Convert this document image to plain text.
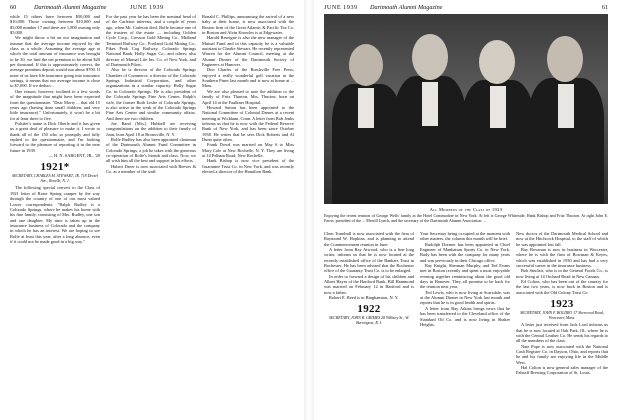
60	Dartmouth Alumni Magazine	JUNE 1939

while 15 others have between $50,000 and $10,000. Those owning between $10,000 and $5,000 number 17 and there are 1,800 owning only $5,000.

We might throw a bit on our imagination and assume that the average income enjoyed by the class as a whole. Assuming the average age at which the total amount of insurance was brought to be 30, we find the net premium to be about $20 per thousand. If this is approximately correct, the average premium deposit would run about $700. If none of us have life insurance going into insurance savings, it means that our average income is close to $7,000. If we deduct...

One reason, however, inclined to a few words of the magnitude that might have been expected from the questionnaire. "Dear Morty ... that old 15 years ago (having done small children, and very little insurance)." Unfortunately, it won't be a bit for at least three to five.

Pulsifer's name is Dick Oberle and it has given us a great deal of pleasure to make it. I wrote to thank all of the 150 who so promptly and fully replied to the questionnaire, and I'm looking forward to the pleasure of reporting it in the near future in 1939.

— H. N. SARGENT, JR., '20

1921*
SECRETARY, CHARLES M. STEWART, JR. 718 Drexel Ave., Roselle, N. J.

The following special convert to the Class of 1921 letter of Rotor Spring camper by the way through the country of one of our most valued Lower correspondents: "Ralph Rudley is a Colorado Springs, where he makes his home with his fine family, consisting of Mrs. Rudley, one son and one daughter. My time is taken up in the insurance business of Colorado and the company in which he has an interest. We are hoping to see Rolfe at least this year, after a long absence, even if it could not be made good in a big way."

For the past year he has been the nominal head of of the Carleton interests, and a couple of years ago, when Mr. Carleton died, Rolfe became one of the trustees of the estate — including Golden Cycle Corp., Cresson Gold Mining Co., Midland Terminal Railway Co., Portland Gold Mining Co., Pikes Peak Cog Railway, Colorado Springs National Bank, Holly Sugar Co., and others; also director of Mutual Life Ins. Co. of New York, and of Dartmouth Pilots.

Also he is director of the Colorado Springs Chamber of Commerce, a director of the Colorado Springs Industrial Corporation, and other organizations in a similar capacity. Holly Sugar Co. in Colorado Springs. He is also president of the Colorado Springs Fine Arts Center. Ralph's wife, the former Ruth Leslie of Colorado Springs, is also active in the work of the Colorado Springs Fine Arts Center and similar community affairs. And there are two children.

Joe Rand (Mrs.) Hubbell are receiving congratulations on the addition to their family of Joan, born April 18 at Bronxville, N. Y.

Rolfe Rudley has also been appointed chairman of the Dartmouth Alumni Fund Committee in Colorado Springs, a job he takes with the generous co-operation of Rolfe's friends and class. Now, we all wish him all the best and support in his efforts.

Hubert Dreer is now associated with Reeves & Co. as a member of the staff.

Ronald C. Phillips, announcing the arrival of a new baby at their home, is now associated with the Boston firm of the Great Atlantic & Pacific Tea Co. in Boston and Alvin Knowles is at Edgewater.

Harold Reseigne is also the new manager of the Mutual Fund and in this capacity he is a valuable assistant to Charlie Stewart. He recently represented Warren for the Alumni Council, meeting at the Alumni Dinner of the Dartmouth Society of Engineers at Hanover.

Don Charles of the Brockville Free Press, enjoyed a really wonderful golf vacation in the Southern Pines last month and is now at home at ... Mass.

We are also pleased to note the addition to the family of Fritz Thurton, Mrs. Thurton, born on April 14 at the Faulkner Hospital.

Howard Sutton has been appointed to the National Committee of Colonial Dames at a recent meeting at Wickham, Conn. A letter from Bob Jenks informs us that he is now with the Federal Reserve Bank of New York, and has been since October 1938. He writes that he sees Dick Roberts and Al Dunn quite often.

Frank Dowd was married on May 6 to Miss Mary Cole at New Rochelle, N. Y. They are living at 14 Pelham Road, New Rochelle.

Hank Bishop is now vice president of the Guarantee Trust Co. in New York, and was recently elected a director of the Hamilton Bank.

JUNE 1939 Dartmouth Alumni Magazine	61
All Members of the Class of 1923
Enjoying the recent reunion of George Wells' family at the Hotel Commodore in New York. At left is George Whiteside, Hank Bishop and Fritz Thurton. At right John E. Farris, president of the ... Merrill Lynch, and the secretary of the Dartmouth Alumni Association. ...

Clem Trumbull is now associated with the firm of Raymond W. Hopkins, and is planning to attend the Commencement reunion in June.

A letter from Ray Atwood, who is a fine long writer, informs us that he is now located at the recently established office of the Bankers Trust in Rochester. He has been advised that the Rochester office of the Guaranty Trust Co. is to be enlarged.

In order to forward a design of his children and Albert Hayes of the Hartford Bank, Bill Hammond was married on February 12 in Hartford and is now a father.

Robert E. Reed is in Binghamton, N. Y.

1922
SECRETARY, JOHN R. GRIMES 28 Wilbury St., W. Barrington, R. I.

Your Secretary being occupied at the moment with other matters, the column this month will be brief.

Rudolph Dormer has been appointed as Chief Engineer of Manhattan Sports Co. in New York. Rudy has been with the company for many years and was previously in their Chicago office.

Ray Knight, Sherman Murphy, and Ted Evans met in Boston recently and spent a most enjoyable evening together reminiscing about the good old days in Hanover. They all promise to be back for the reunion next year.

Ted Lewis, who is now living at Scarsdale, was at the Alumni Dinner in New York last month and reports that he is in good health and spirits.

A letter from Ray Atkins brings news that he has been transferred to the Cleveland office of the Standard Oil Co. and is now living in Shaker Heights.

New doctor of the Dartmouth Medical School and now at the Hitchcock Hospital, to the staff of which he was appointed last fall.

Ray Bowman is now in business in Worcester, where he is with the firm of Bowman & Keyes, which was established in 1930 and has had a very successful career in the insurance business.

Bob Sinclair, who is in the General Foods Co., is now living at 14 Orchard Road in New Canaan.

Ed Colton, who has been out of the country for the last two years, is now back in Boston and is associated with the Old Colony Trust Co.

1923
SECRETARY, JOHN F. BOLDRO 17 Sherwood Road, Worcester, Mass.

A letter just received from Jack Lord informs us that he is now located at Oak Park, Ill., where he is with the Central Leather Co. He sends his regards to all the members of the class.

Nate Pope is now associated with the National Cash Register Co. in Dayton, Ohio, and reports that he and his family are enjoying life in the Middle West.

Hal Colton is now general sales manager of the Falstaff Brewing Corporation of St. Louis.
